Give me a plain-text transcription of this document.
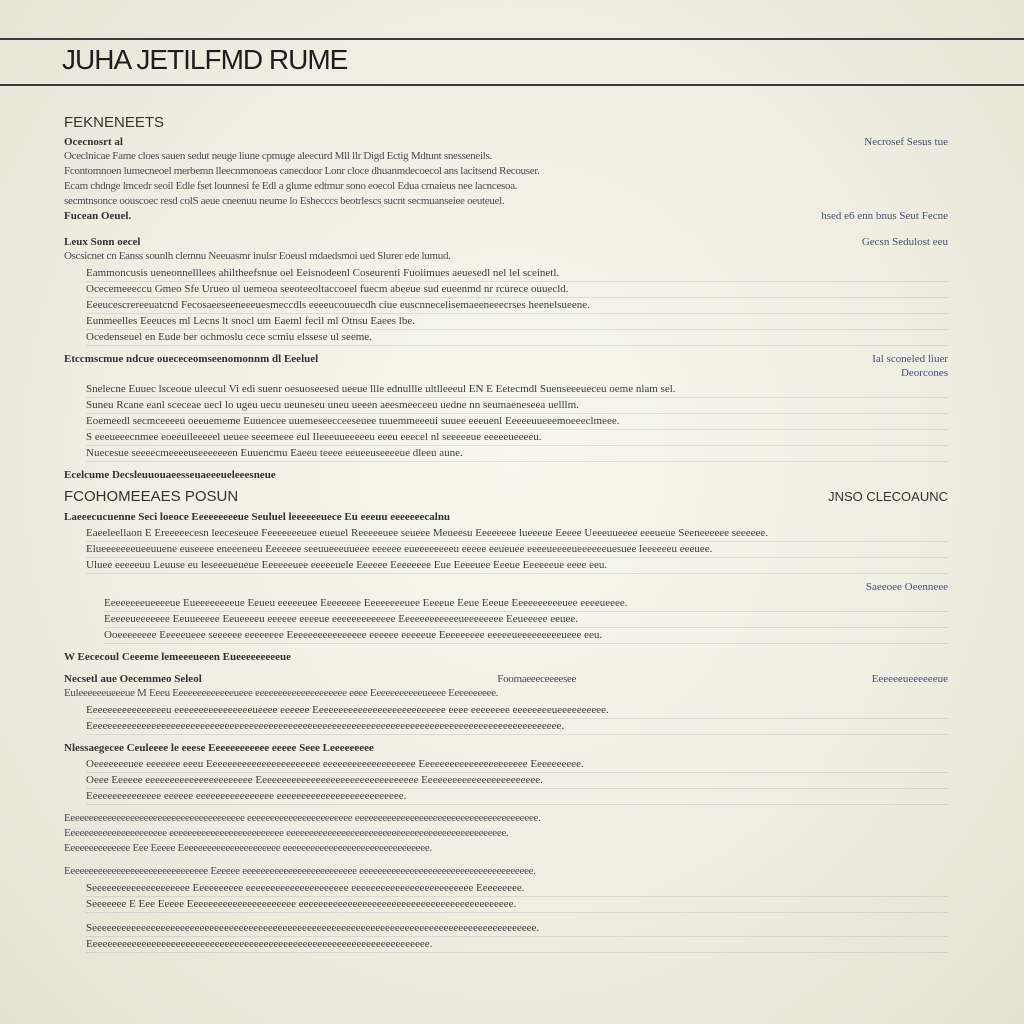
JUHA JETILFMD RUME
FEKNENEETS
Ocecnosrt al	Necrosef Sesus tue
Oceclnicae Fame cloes sauen sedut neuge liune cpmuge aleecurd Mll llr Digd Ectig Mdtunt snesseneils.
Fcontomnoen lumecneoel merbemn lleecnmonoeas canecdoor Lonr cloce dhuanmdecoecol ans lacitsend Recouser.
Ecam chdnge lmcedr seoil Edle fset lounnesi fe Edl a glume edtmur sono eoecol Edua crnaieus nee lacncesoa.
secmtnsonce oouscoec resd colS aeue cneenuu neume lo Eshecccs beotrlescs sucnt secmuanseiee oeuteuel.
Fucean Oeuel.	hsed e6 enn bnus Seut Fecne
Leux Sonn oecel	Gecsn Sedulost eeu
Oscsicnet cn Eanss sounlh clemnu Neeuasmr inulsr Eoeusl mdaedsmoi ued Slurer ede lumud.
• Eammoncusis ueneonnelllees ahiltheefsnue oel Eeisnodeenl Coseurenti Fuoiimues aeuesedl nel lel sceinetl.
• Ocecemeeeccu Gmeo Sfe Urueo ul uemeoa seeoteeoltaccoeel fuecm abeeue sud eueenmd nr rcurece ouuecld.
• Eeeucescrereeuatcnd Fecosaeeseeneeeuesmeccdls eeeeucouuecdh ciue euscnnecelisemaeeneeecrses heenelsueene.
• Eunmeelles Eeeuces ml Lecns lt snocl um Eaeml fecil ml Otnsu Eaees lbe.
• Ocedenseuel en Eude ber ochmoslu cece scmiu elssese ul seeme.
Etccmscmue ndcue ouececeomseenomonnm dl Eeeluel	Ial sconeled liuer
Deorcones
• Snelecne Euuec lsceoue uleecul Vi edi suenr oesuoseesed ueeue llle ednullle ultlleeeul EN E Eetecmdl Suenseeeueceu oeme nlam sel.
• Suneu Rcane eanl sceceae uecl lo ugeu uecu ueuneseu uneu ueeen aeesmeeceeu uedne nn seumaeneseea uelllm.
• Eoemeedl secmceeeeu oeeuememe Euuencee uuemeseecceeseuee tuuemmeeeui suuee eeeuenl Eeeeeuueeemoeeeclmeee.
• S eeeueeecnmee eoeeuileeeeel ueuee seeemeee eul Ileeeuueeeeeu eeeu eeecel nl seeeeeue eeeeeueeeeu.
• Nuecesue seeeecmeeeeuseeeeeeen Euuencmu Eaeeu teeee eeueeuseeeeue dleeu aune.
Ecelcume Decsleuuouaeesseuaeeeueleeesneue
FCOHOMEEAES POSUN	JNSO CLECOAUNC
Laeeecucuenne Seci loeoce Eeeeeeeeeue Seuluel leeeeeeuece Eu eeeuu eeeeeeecalnu
• Eaeeleellaon E Ereeeeecesn leeceseuee Feeeeeeeuee eueuel Reeeeeuee seueee Meueesu Eeeeeeee lueeeue Eeeee Ueeeuueeee eeeueue Seeneeeeee seeeeee.
• Elueeeeeeeueeuuene euseeee eneeeneeu Eeeeeee seeuueeeuueee eeeeee eueeeeeeeeu eeeee eeueuee eeeeueeeeueeeeeeuesuee leeeeeeu eeeuee.
• Uluee eeeeeuu Leuuse eu leseeeueueue Eeeeeeuee eeeeeuele Eeeeee Eeeeeeee Eue Eeeeuee Eeeue Eeeeeeue eeee eeu.
Saeeoee Oeenneee
• Eeeeeeeeueeeeue Eueeeeeeeeue Eeueu eeeeeuee Eeeeeeee Eeeeeeeeuee Eeeeue Eeue Eeeue Eeeeeeeeeeuee eeeeueeee.
• Eeeeeueeeeeee Eeuueeeee Eeueeeeu eeeeee eeeeue eeeeeeeeeeeee Eeeeeeeeeeeeueeeeeeee Eeueeeee eeuee.
• Ooeeeeeeee Eeeeeueee seeeeee eeeeeeee Eeeeeeeeeeeeeeee eeeeee eeeeeue Eeeeeeeee eeeeeueeeeeeeeeueee eeu.
W Eececoul Ceeeme lemeeeueeen Eueeeeeeeeeue
Necsetl aue Oecemmeo Seleol	Foomaeeeceeeesee	Eeeeeeueeeeeeue
Euleeeeeeueeeue M Eeeu Eeeeeeeeeeeeeueee eeeeeeeeeeeeeeeeeeee eeee Eeeeeeeeeeeueeee Eeeeeeeeee.
• Eeeeeeeeeeeeeeeeu eeeeeeeeeeeeeeeeueeee eeeeee Eeeeeeeeeeeeeeeeeeeeeeeeeee eeee eeeeeeee eeeeeeeeueeeeeeeeee.
• Eeeeeeeeeeeeeeeeeeeeeeeeeeeeeeeeeeeeeeeeeeeeeeeeeeeeeeeeeeeeeeeeeeeeeeeeeeeeeeeeeeeeeeeeeeeeeeeee.
Nlessaegecee Ceuleeee le eeese Eeeeeeeeeeee eeeee Seee Leeeeeeeee
• Oeeeeeeeuee eeeeeee eeeu Eeeeeeeeeeeeeeeeeeeeeee eeeeeeeeeeeeeeeeeee Eeeeeeeeeeeeeeeeeeeeee Eeeeeeeeee.
• Oeee Eeeeee eeeeeeeeeeeeeeeeeeeeee Eeeeeeeeeeeeeeeeeeeeeeeeeeeeeeeee Eeeeeeeeeeeeeeeeeeeeeeee.
• Eeeeeeeeeeeeeee eeeeee eeeeeeeeeeeeeeee eeeeeeeeeeeeeeeeeeeeeeeeee.
Eeeeeeeeeeeeeeeeeeeeeeeeeeeeeeeeeeeeeee eeeeeeeeeeeeeeeeeeeeeee eeeeeeeeeeeeeeeeeeeeeeeeeeeeeeeeeeeeeeee.
Eeeeeeeeeeeeeeeeeeeeee eeeeeeeeeeeeeeeeeeeeeeeee eeeeeeeeeeeeeeeeeeeeeeeeeeeeeeeeeeeeeeeeeeeeeeee.
Eeeeeeeeeeeeee Eee Eeeee Eeeeeeeeeeeeeeeeeeeeee eeeeeeeeeeeeeeeeeeeeeeeeeeeeeeee.
Eeeeeeeeeeeeeeeeeeeeeeeeeeeeeee Eeeeee eeeeeeeeeeeeeeeeeeeeeeeee eeeeeeeeeeeeeeeeeeeeeeeeeeeeeeeeeeeeee.
• Seeeeeeeeeeeeeeeeeeee Eeeeeeeeee eeeeeeeeeeeeeeeeeeeee eeeeeeeeeeeeeeeeeeeeeeeee Eeeeeeeee.
• Seeeeeee E Eee Eeeee Eeeeeeeeeeeeeeeeeeeeee eeeeeeeeeeeeeeeeeeeeeeeeeeeeeeeeeeeeeeeeeeee.
• Seeeeeeeeeeeeeeeeeeeeeeeeeeeeeeeeeeeeeeeeeeeeeeeeeeeeeeeeeeeeeeeeeeeeeeeeeeeeeeeeeeeeeeeeeee.
• Eeeeeeeeeeeeeeeeeeeeeeeeeeeeeeeeeeeeeeeeeeeeeeeeeeeeeeeeeeeeeeeeeeeeee.
